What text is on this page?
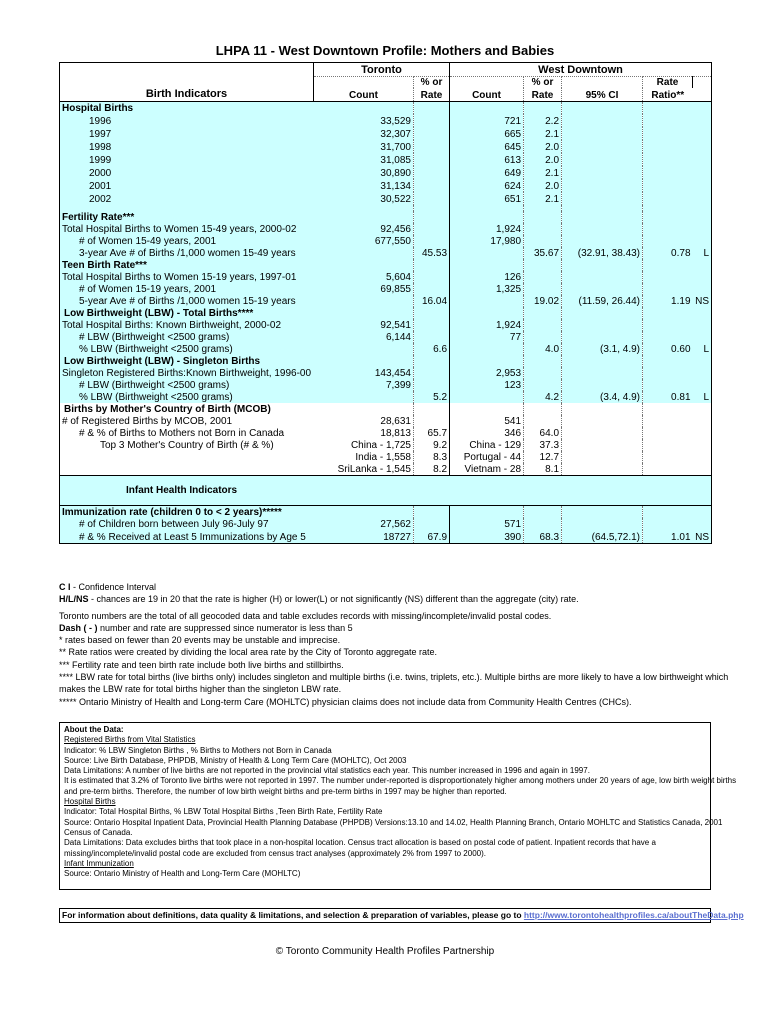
LHPA 11 - West Downtown Profile: Mothers and Babies
Birth Indicators	Toronto		West Downtown				
		% or		% or		Rate	
	Count	Rate	Count	Rate	95% CI	Ratio**	
Hospital Births							
1996	33,529		721	2.2			
1997	32,307		665	2.1			
1998	31,700		645	2.0			
1999	31,085		613	2.0			
2000	30,890		649	2.1			
2001	31,134		624	2.0			
2002	30,522		651	2.1			

Fertility Rate***							
Total Hospital Births to Women 15-49 years, 2000-02	92,456		1,924				
# of Women 15-49 years, 2001	677,550		17,980				
3-year Ave # of Births /1,000 women 15-49 years		45.53		35.67	(32.91, 38.43)	0.78	L
Teen Birth Rate***							
Total Hospital Births to Women 15-19 years, 1997-01	5,604		126				
# of Women 15-19 years, 2001	69,855		1,325				
5-year Ave # of Births /1,000 women 15-19 years		16.04		19.02	(11.59, 26.44)	1.19	NS
Low Birthweight (LBW) - Total Births****							
Total Hospital Births: Known Birthweight, 2000-02	92,541		1,924				
# LBW (Birthweight <2500 grams)	6,144		77				
% LBW (Birthweight <2500 grams)		6.6		4.0	(3.1, 4.9)	0.60	L
Low Birthweight (LBW) - Singleton Births							
Singleton Registered Births:Known Birthweight, 1996-00	143,454		2,953				
# LBW (Birthweight <2500 grams)	7,399		123				
% LBW (Birthweight <2500 grams)		5.2		4.2	(3.4, 4.9)	0.81	L
Births by Mother's Country of Birth (MCOB)							
# of Registered Births by MCOB, 2001	28,631		541				
# & % of Births to Mothers not Born in Canada	18,813	65.7	346	64.0			
Top 3 Mother's Country of Birth (# & %)	China - 1,725	9.2	China - 129	37.3			
	India - 1,558	8.3	Portugal - 44	12.7			
	SriLanka - 1,545	8.2	Vietnam - 28	8.1			
Infant Health Indicators							
Immunization rate (children 0 to < 2 years)*****							
# of Children born between July 96-July 97	27,562		571				
# & % Received at Least 5 Immunizations by Age 5	18727	67.9	390	68.3	(64.5,72.1)	1.01	NS
C I - Confidence Interval
H/L/NS - chances are 19 in 20 that the rate is higher (H) or lower(L) or not significantly (NS) different than the aggregate (city) rate.
Toronto numbers are the total of all geocoded data and table excludes records with missing/incomplete/invalid postal codes.
Dash ( - ) number and rate are suppressed since numerator is less than 5
* rates based on fewer than 20 events may be unstable and imprecise.
** Rate ratios were created by dividing the local area rate by the City of Toronto aggregate rate.
*** Fertility rate and teen birth rate include both live births and stillbirths.
**** LBW rate for total births (live births only) includes singleton and multiple births (i.e. twins, triplets, etc.). Multiple births are more likely to have a low birthweight which
makes the LBW rate for total births higher than the singleton LBW rate.
***** Ontario Ministry of Health and Long-term Care (MOHLTC) physician claims does not include data from Community Health Centres (CHCs).
About the Data:
Registered Births from Vital Statistics
Indicator: % LBW Singleton Births , % Births to Mothers not Born in Canada
Source: Live Birth Database, PHPDB, Ministry of Health & Long Term Care (MOHLTC), Oct 2003
Data Limitations: A number of live births are not reported in the provincial vital statistics each year. This number increased in 1996 and again in 1997.
It is estimated that 3.2% of Toronto live births were not reported in 1997. The number under-reported is disproportionately higher among mothers under 20 years of age, low birth weight births
and pre-term births. Therefore, the number of low birth weight births and pre-term births in 1997 may be higher than reported.
Hospital Births
Indicator: Total Hospital Births, % LBW Total Hospital Births ,Teen Birth Rate, Fertility Rate
Source: Ontario Hospital Inpatient Data, Provincial Health Planning Database (PHPDB) Versions:13.10 and 14.02, Health Planning Branch, Ontario MOHLTC and Statistics Canada, 2001
Census of Canada.
Data Limitations: Data excludes births that took place in a non-hospital location. Census tract allocation is based on postal code of patient. Inpatient records that have a
missing/incomplete/invalid postal code are excluded from census tract analyses (approximately 2% from 1997 to 2000).
Infant Immunization
Source: Ontario Ministry of Health and Long-Term Care (MOHLTC)
For information about definitions, data quality & limitations, and selection & preparation of variables, please go to http://www.torontohealthprofiles.ca/aboutTheData.php
© Toronto Community Health Profiles Partnership
